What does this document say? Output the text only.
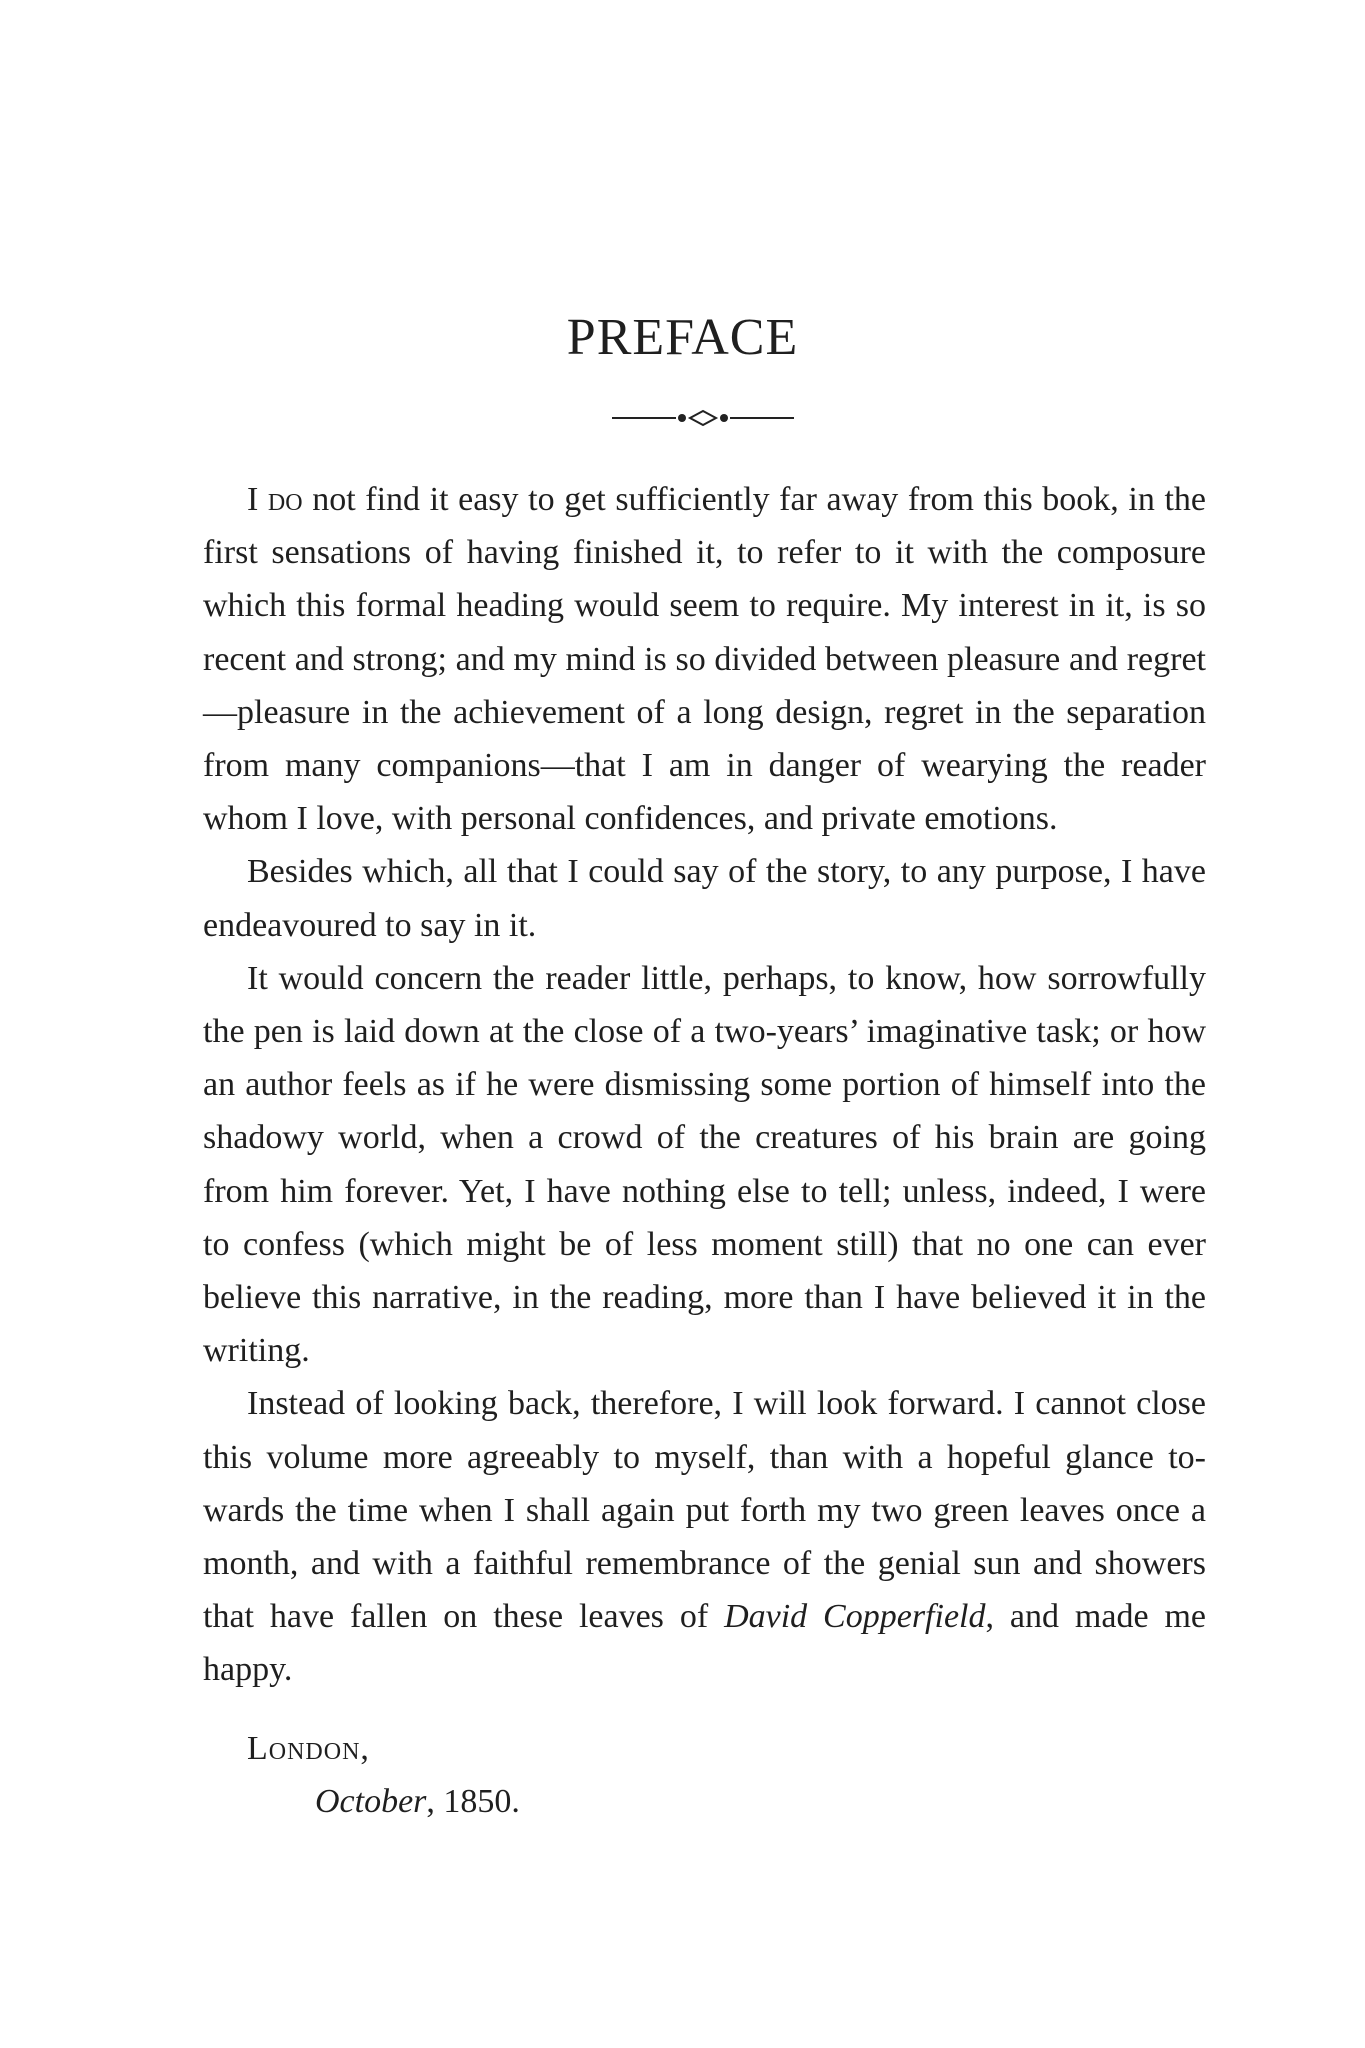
PREFACE

I do not find it easy to get sufficiently far away from this book, in the first sensations of having finished it, to refer to it with the composure which this formal heading would seem to require. My interest in it, is so recent and strong; and my mind is so divided between pleasure and regret—pleasure in the achievement of a long design, regret in the separation from many companions—that I am in danger of wearying the reader whom I love, with personal confidences, and private emotions.

Besides which, all that I could say of the story, to any purpose, I have endeavoured to say in it.

It would concern the reader little, perhaps, to know, how sorrowfully the pen is laid down at the close of a two-years’ imaginative task; or how an author feels as if he were dismissing some portion of himself into the shadowy world, when a crowd of the creatures of his brain are going from him forever. Yet, I have nothing else to tell; unless, indeed, I were to confess (which might be of less moment still) that no one can ever believe this narrative, in the reading, more than I have believed it in the writing.

Instead of looking back, therefore, I will look forward. I cannot close this volume more agreeably to myself, than with a hopeful glance towards the time when I shall again put forth my two green leaves once a month, and with a faithful remembrance of the genial sun and showers that have fallen on these leaves of David Copperfield, and made me happy.

London,
October, 1850.
